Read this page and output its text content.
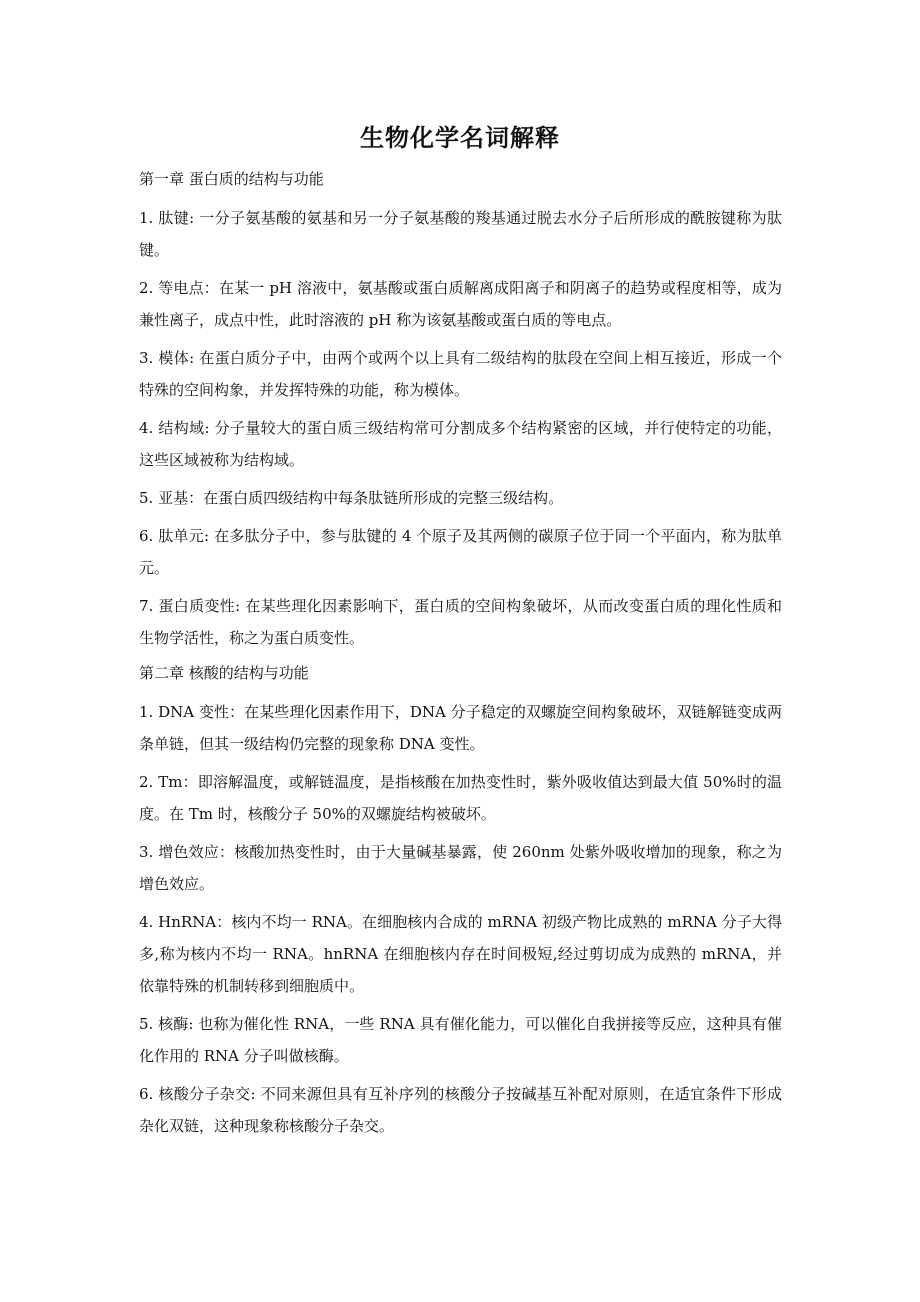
生物化学名词解释
第一章 蛋白质的结构与功能

1. 肽键: 一分子氨基酸的氨基和另一分子氨基酸的羧基通过脱去水分子后所形成的酰胺键称为肽键。

2. 等电点：在某一 pH 溶液中，氨基酸或蛋白质解离成阳离子和阴离子的趋势或程度相等，成为兼性离子，成点中性，此时溶液的 pH 称为该氨基酸或蛋白质的等电点。

3. 模体: 在蛋白质分子中，由两个或两个以上具有二级结构的肽段在空间上相互接近，形成一个特殊的空间构象，并发挥特殊的功能，称为模体。

4. 结构域: 分子量较大的蛋白质三级结构常可分割成多个结构紧密的区域，并行使特定的功能，这些区域被称为结构域。

5. 亚基：在蛋白质四级结构中每条肽链所形成的完整三级结构。

6. 肽单元: 在多肽分子中，参与肽键的 4 个原子及其两侧的碳原子位于同一个平面内，称为肽单元。

7. 蛋白质变性: 在某些理化因素影响下，蛋白质的空间构象破坏，从而改变蛋白质的理化性质和生物学活性，称之为蛋白质变性。

第二章 核酸的结构与功能

1. DNA 变性：在某些理化因素作用下，DNA 分子稳定的双螺旋空间构象破坏，双链解链变成两条单链，但其一级结构仍完整的现象称 DNA 变性。

2. Tm：即溶解温度，或解链温度，是指核酸在加热变性时，紫外吸收值达到最大值 50%时的温度。在 Tm 时，核酸分子 50%的双螺旋结构被破坏。

3. 增色效应：核酸加热变性时，由于大量碱基暴露，使 260nm 处紫外吸收增加的现象，称之为增色效应。

4. HnRNA：核内不均一 RNA。在细胞核内合成的 mRNA 初级产物比成熟的 mRNA 分子大得多,称为核内不均一 RNA。hnRNA 在细胞核内存在时间极短,经过剪切成为成熟的 mRNA，并依靠特殊的机制转移到细胞质中。

5. 核酶: 也称为催化性 RNA，一些 RNA 具有催化能力，可以催化自我拼接等反应，这种具有催化作用的 RNA 分子叫做核酶。

6. 核酸分子杂交: 不同来源但具有互补序列的核酸分子按碱基互补配对原则，在适宜条件下形成杂化双链，这种现象称核酸分子杂交。
